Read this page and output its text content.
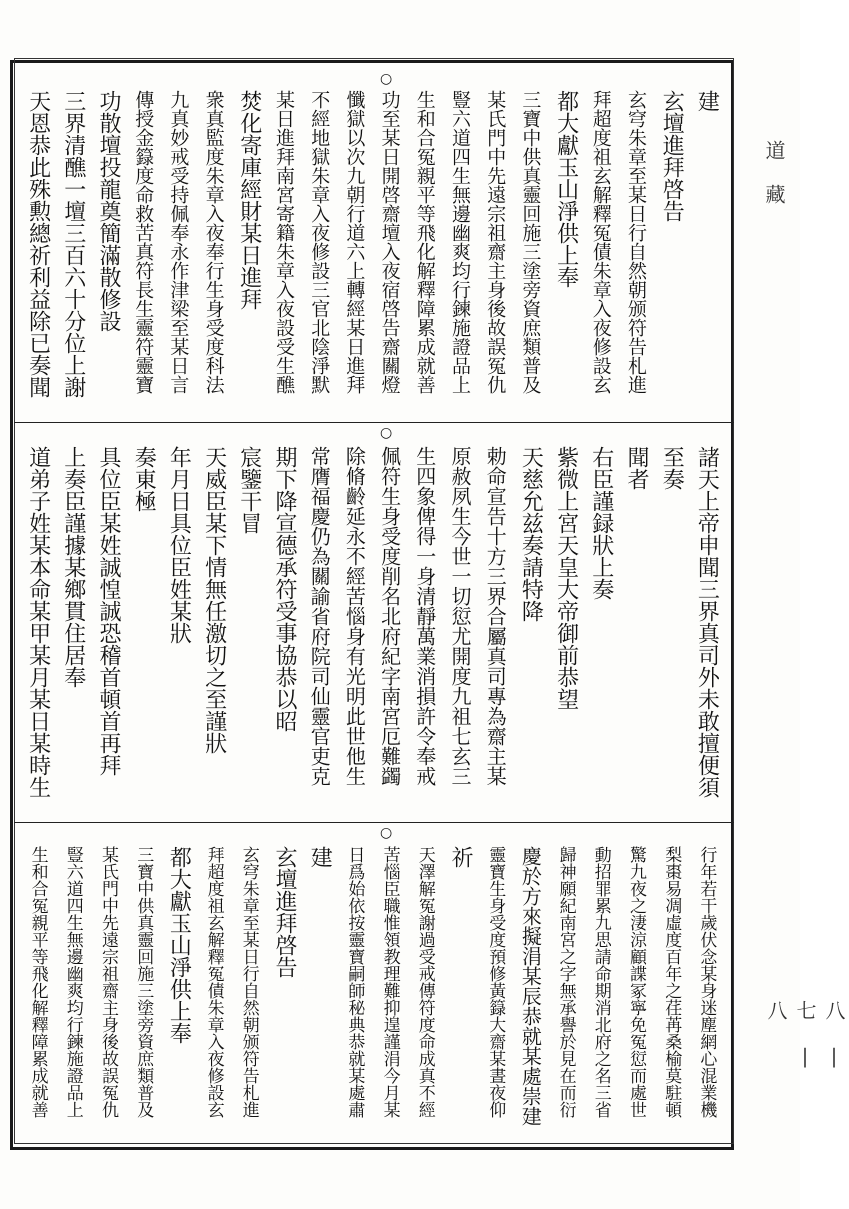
道 藏
八 | 七 | 八
○
○
○
建
玄壇進拜啓告
玄穹朱章至某日行自然朝颁符告札進
拜超度祖玄解釋冤債朱章入夜修設玄
都大獻玉山淨供上奉
三寶中供真靈回施三塗旁資庶類普及
某氏門中先遠宗祖齋主身後故誤冤仇
豎六道四生無邊幽爽均行鍊施證品上
生和合冤親平等飛化解釋障累成就善
功至某日開啓齋壇入夜宿啓告齋關燈
懺獄以次九朝行道六上轉經某日進拜
不經地獄朱章入夜修設三官北陰淨默
某日進拜南宮寄籍朱章入夜設受生醮
焚化寄庫經財某日進拜
衆真監度朱章入夜奉行生身受度科法
九真妙戒受持佩奉永作津梁至某日言
傳授金籙度命救苦真符長生靈符靈寶
功散壇投龍奠簡滿散修設
三界清醮一壇三百六十分位上謝
天恩恭此殊勲總祈利益除已奏聞
諸天上帝申聞三界真司外未敢擅便須
至奏
聞者
右臣謹録狀上奏
紫微上宮天皇大帝御前恭望
天慈允兹奏請特降
勅命宣告十方三界合屬真司專為齋主某
原赦夙生今世一切愆尤開度九祖七玄三
生四象俾得一身清靜萬業消損許令奉戒
佩符生身受度削名北府紀字南宮厄難蠲
除脩齡延永不經苦惱身有光明此世他生
常膺福慶仍為關諭省府院司仙靈官吏克
期下降宣德承符受事協恭以昭
宸鑒干冒
天威臣某下情無任激切之至謹狀
年月日具位臣姓某狀
奏東極
具位臣某姓誠惶誠恐稽首頓首再拜
上奏臣謹據某鄉貫住居奉
道弟子姓某本命某甲某月某日某時生
行年若干歲伏念某身迷塵網心混業機
梨棗易凋虛度百年之荏苒桑榆莫駐頓
驚九夜之淒涼顧諜冢寧免冤愆而處世
動招罪累九思請命期消北府之名三省
歸神願紀南宮之字無承譽於見在而衍
慶於方來擬涓某辰恭就某處崇建
靈寶生身受度預修黃籙大齋某晝夜仰
祈
天澤解冤謝過受戒傳符度命成真不經
苦惱臣職惟領教理難抑遑謹涓今月某
日爲始依按靈寶嗣師秘典恭就某處肅
建
玄壇進拜啓告
玄穹朱章至某日行自然朝颁符告札進
拜超度祖玄解釋冤債朱章入夜修設玄
都大獻玉山淨供上奉
三寶中供真靈回施三塗旁資庶類普及
某氏門中先遠宗祖齋主身後故誤冤仇
豎六道四生無邊幽爽均行鍊施證品上
生和合冤親平等飛化解釋障累成就善
